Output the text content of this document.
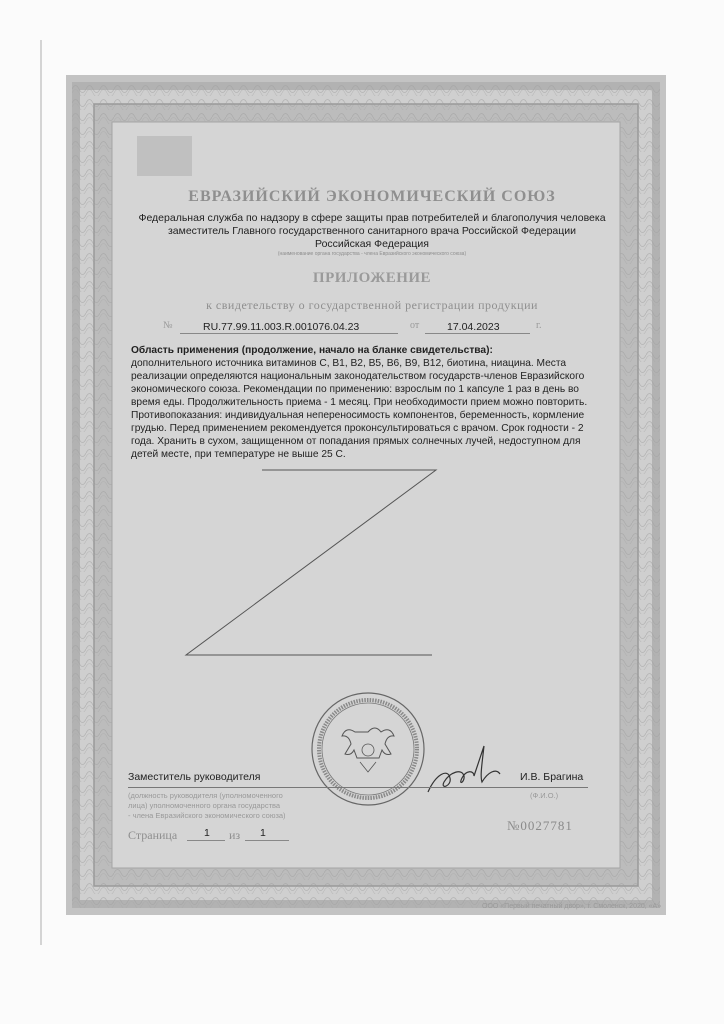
ЕВРАЗИЙСКИЙ ЭКОНОМИЧЕСКИЙ СОЮЗ
Федеральная служба по надзору в сфере защиты прав потребителей и благополучия человека
заместитель Главного государственного санитарного врача Российской Федерации
Российская Федерация
(наименование органа государства - члена Евразийского экономического союза)
ПРИЛОЖЕНИЕ
к свидетельству о государственной регистрации продукции
№	RU.77.99.11.003.R.001076.04.23	от	17.04.2023	г.
Область применения (продолжение, начало на бланке свидетельства):
дополнительного источника витаминов С, В1, В2, В5, В6, В9, В12, биотина, ниацина. Места
реализации определяются национальным законодательством государств-членов Евразийского
экономического союза. Рекомендации по применению: взрослым по 1 капсуле 1 раз в день во
время еды. Продолжительность приема - 1 месяц. При необходимости прием можно повторить.
Противопоказания: индивидуальная непереносимость компонентов, беременность, кормление
грудью. Перед применением рекомендуется проконсультироваться с врачом. Срок годности - 2
года. Хранить в сухом, защищенном от попадания прямых солнечных лучей, недоступном для
детей месте, при температуре не выше 25 С.
Заместитель руководителя	И.В. Брагина
(должность руководителя (уполномоченного
лица) уполномоченного органа государства
- члена Евразийского экономического союза)
(Ф.И.О.)
Страница	1 из 1	№0027781
ООО «Первый печатный двор», г. Смоленск, 2020, «А»
